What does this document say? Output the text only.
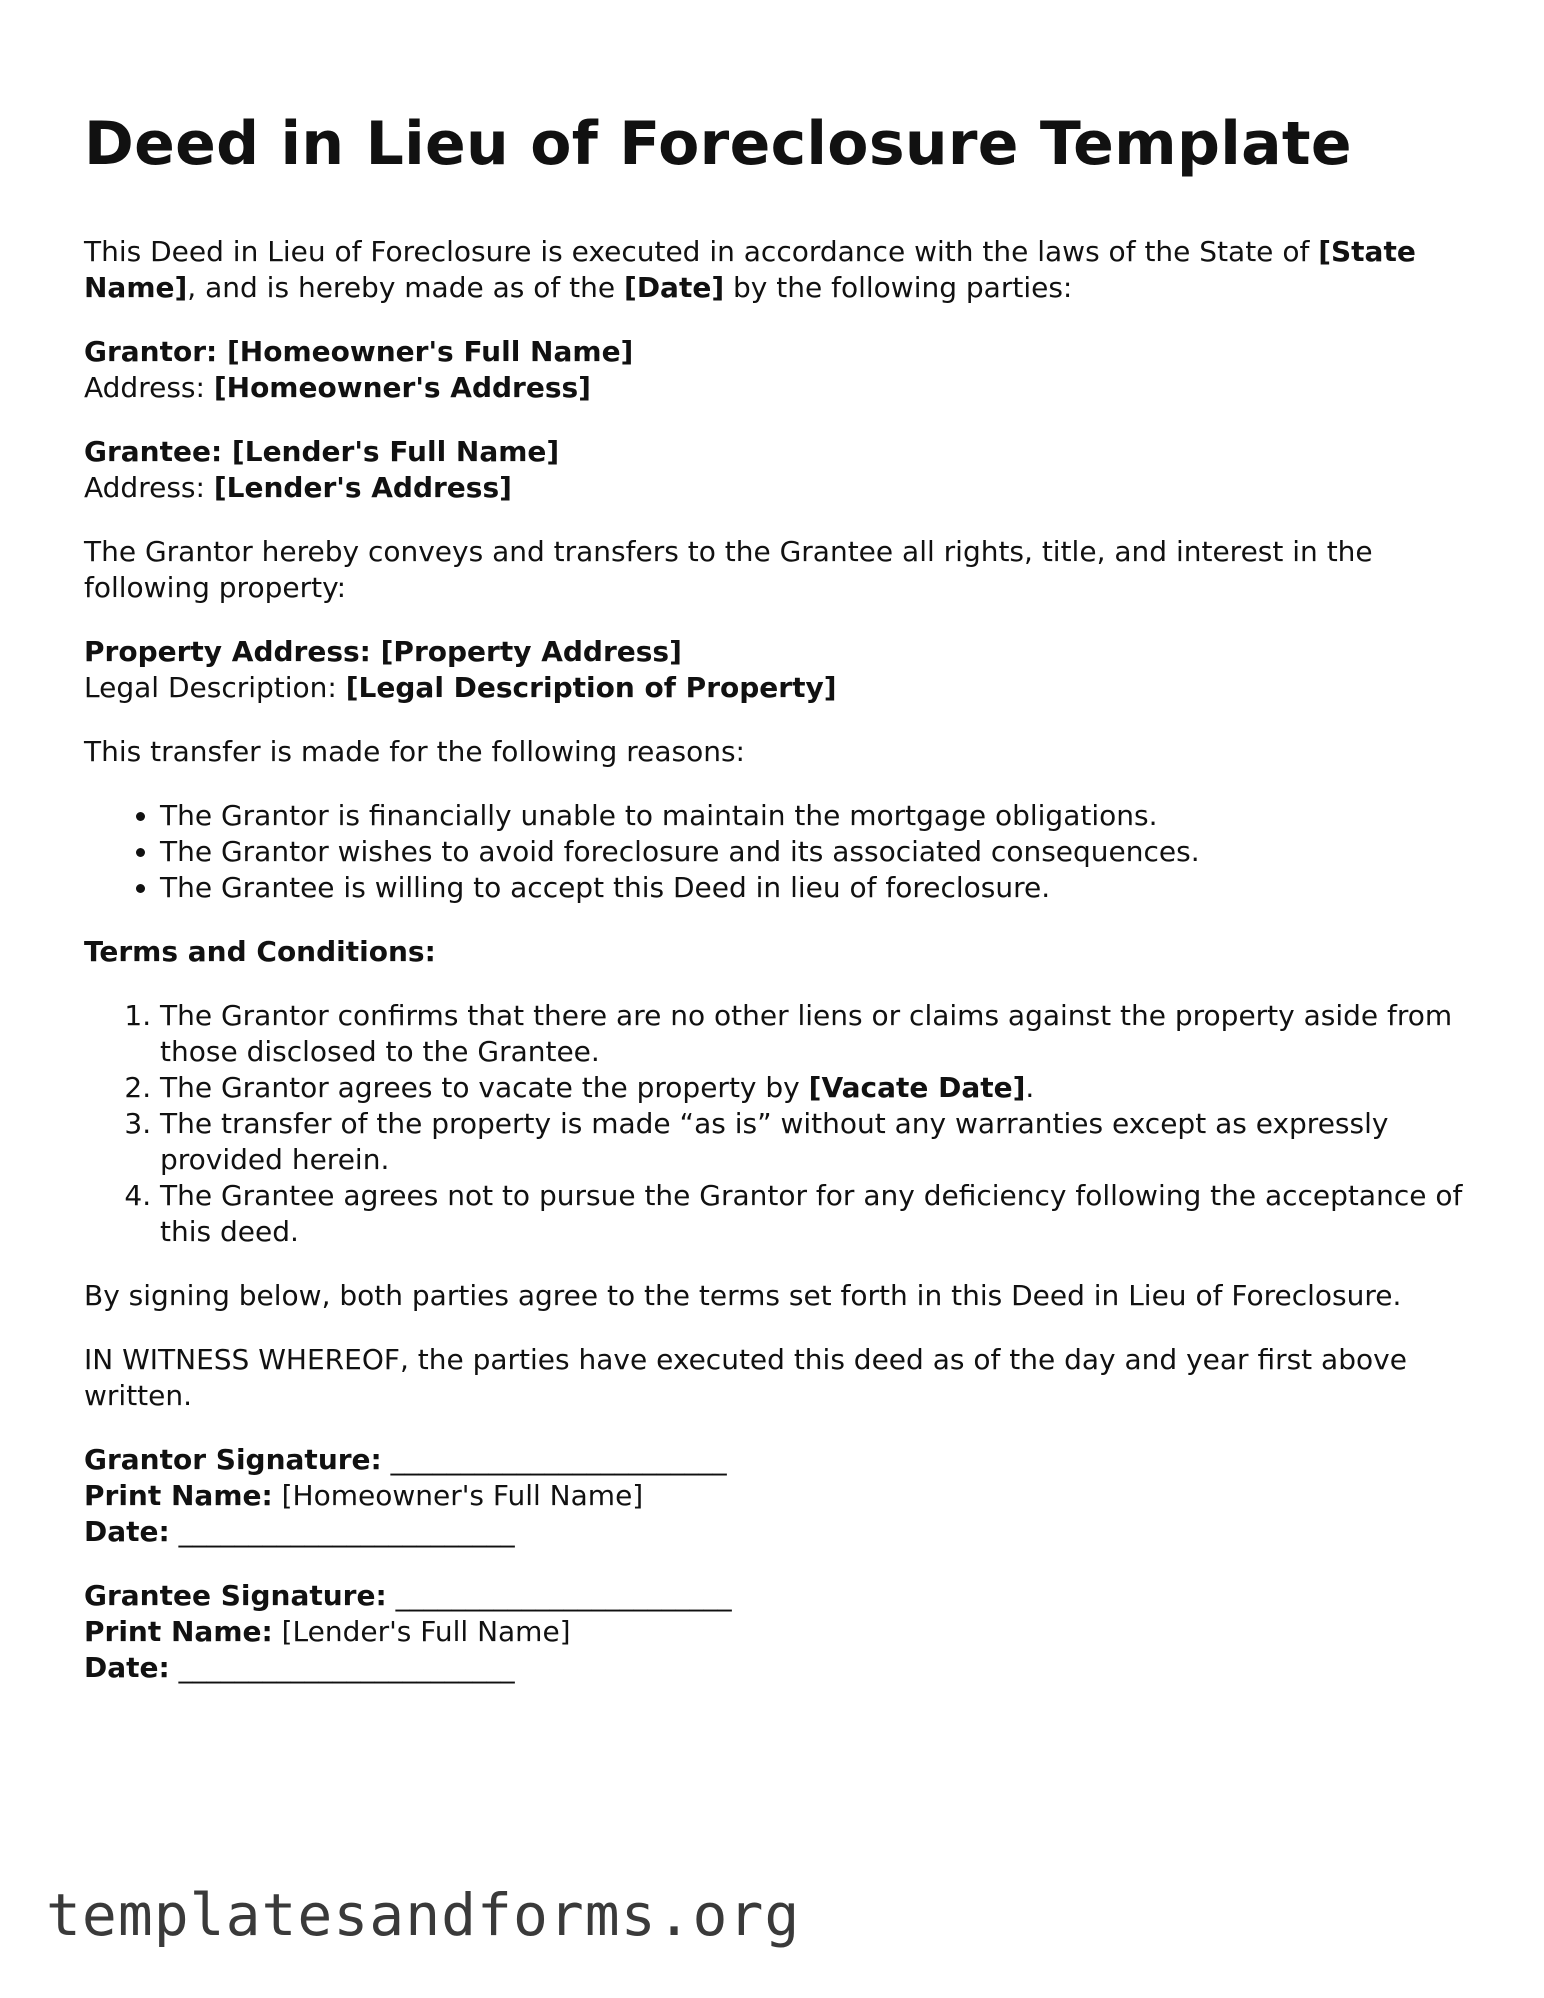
Deed in Lieu of Foreclosure Template

This Deed in Lieu of Foreclosure is executed in accordance with the laws of the State of [State Name], and is hereby made as of the [Date] by the following parties:

Grantor: [Homeowner's Full Name]
Address: [Homeowner's Address]

Grantee: [Lender's Full Name]
Address: [Lender's Address]

The Grantor hereby conveys and transfers to the Grantee all rights, title, and interest in the following property:

Property Address: [Property Address]
Legal Description: [Legal Description of Property]

This transfer is made for the following reasons:

• The Grantor is financially unable to maintain the mortgage obligations.
• The Grantor wishes to avoid foreclosure and its associated consequences.
• The Grantee is willing to accept this Deed in lieu of foreclosure.

Terms and Conditions:

1. The Grantor confirms that there are no other liens or claims against the property aside from those disclosed to the Grantee.
2. The Grantor agrees to vacate the property by [Vacate Date].
3. The transfer of the property is made “as is” without any warranties except as expressly provided herein.
4. The Grantee agrees not to pursue the Grantor for any deficiency following the acceptance of this deed.

By signing below, both parties agree to the terms set forth in this Deed in Lieu of Foreclosure.

IN WITNESS WHEREOF, the parties have executed this deed as of the day and year first above written.

Grantor Signature: ________________________
Print Name: [Homeowner's Full Name]
Date: ________________________

Grantee Signature: ________________________
Print Name: [Lender's Full Name]
Date: ________________________

templatesandforms.org
